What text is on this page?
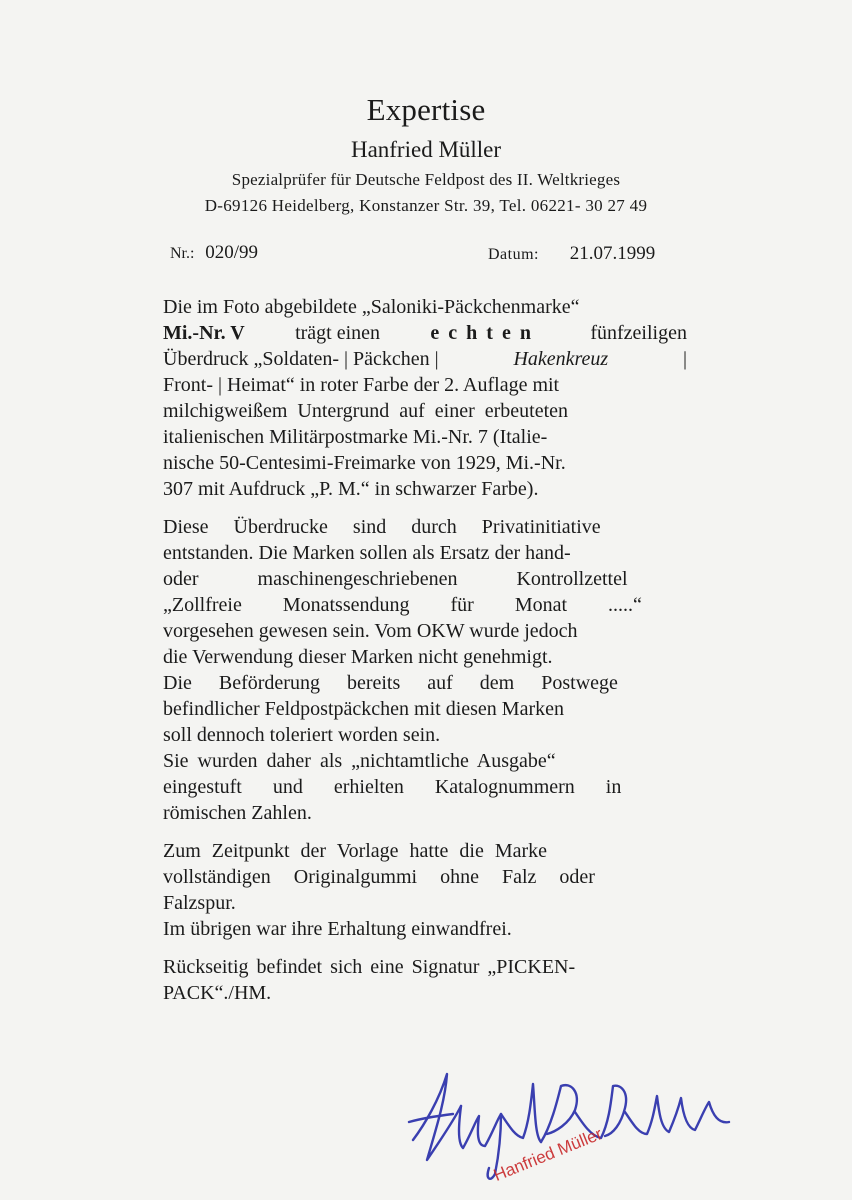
Expertise
Hanfried Müller
Spezialprüfer für Deutsche Feldpost des II. Weltkrieges
D-69126 Heidelberg, Konstanzer Str. 39, Tel. 06221- 30 27 49
Nr.: 020/99	Datum: 21.07.1999
Die im Foto abgebildete „Saloniki-Päckchenmarke“
Mi.-Nr. V	trägt einen	echten	fünfzeiligen
Überdruck „Soldaten- | Päckchen |	Hakenkreuz	|
Front- | Heimat“ in roter Farbe der 2. Auflage mit
milchigweißem Untergrund auf einer erbeuteten
italienischen Militärpostmarke Mi.-Nr. 7 (Italie-
nische 50-Centesimi-Freimarke von 1929, Mi.-Nr.
307 mit Aufdruck „P. M.“ in schwarzer Farbe).
Diese Überdrucke sind durch Privatinitiative
entstanden. Die Marken sollen als Ersatz der hand-
oder maschinengeschriebenen Kontrollzettel
„Zollfreie Monatssendung für Monat .....“
vorgesehen gewesen sein. Vom OKW wurde jedoch
die Verwendung dieser Marken nicht genehmigt.
Die Beförderung bereits auf dem Postwege
befindlicher Feldpostpäckchen mit diesen Marken
soll dennoch toleriert worden sein.
Sie wurden daher als „nichtamtliche Ausgabe“
eingestuft und erhielten Katalognummern in
römischen Zahlen.
Zum Zeitpunkt der Vorlage hatte die Marke
vollständigen Originalgummi ohne Falz oder
Falzspur.
Im übrigen war ihre Erhaltung einwandfrei.
Rückseitig befindet sich eine Signatur „PICKEN-
PACK“./HM.
Hanfried Müller
